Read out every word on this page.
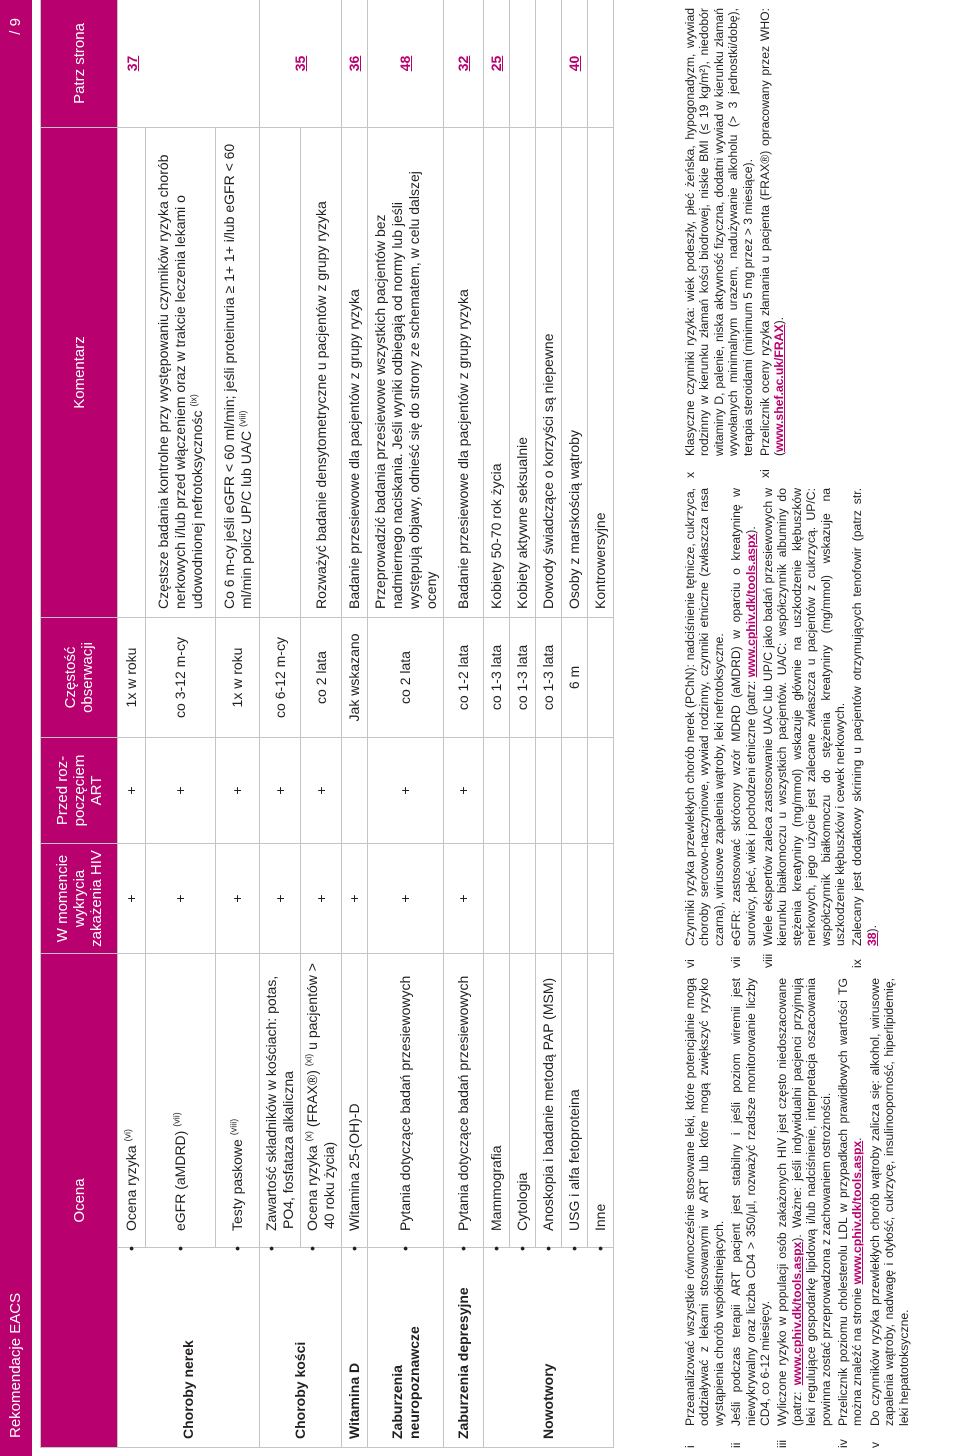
Rekomendacje EACS
/ 9
Ocena		W momencie wykrycia zakażenia HIV	Przed roz-poczęciem ART	Częstość obserwacji	Komentarz	Patrz strona
Choroby nerek	• Ocena ryzyka $^{(vi)}$	+	+	1x w roku		37
	• eGFR (aMDRD) $^{(vii)}$	+	+	co 3-12 m-cy	Częstsze badania kontrolne przy występowaniu czynników ryzyka chorób nerkowych i/lub przed włączeniem oraz w trakcie leczenia lekami o udowodnionej nefrotoksycznośc $^{(ix)}$
	• Testy paskowe $^{(viii)}$	+	+	1x w roku	Co 6 m-cy jeśli eGFR < 60 ml/min; jeśli proteinuria ≥ 1+ 1+ i/lub eGFR < 60 ml/min policz UP/C lub UA/C $^{(viii)}$
Choroby kości	• Zawartość składników w kościach: potas, PO4, fosfataza alkaliczna	+	+	co 6-12 m-cy		35
	• Ocena ryzyka $^{(x)}$ (FRAX®) $^{(xi)}$ u pacjentów > 40 roku życia)	+	+	co 2 lata	Rozważyć badanie densytometryczne u pacjentów z grupy ryzyka	
Witamina D	• Witamina 25-(OH)-D	+		Jak wskazano	Badanie przesiewowe dla pacjentów z grupy ryzyka	36
Zaburzenia neuropoznawcze	• Pytania dotyczące badań przesiewowych	+	+	co 2 lata	Przeprowadzić badania przesiewowe wszystkich pacjentów bez nadmiernego naciskania. Jeśli wyniki odbiegają od normy lub jeśli występują objawy, odnieść się do strony ze schematem, w celu dalszej oceny	48
Zaburzenia depresyjne	• Pytania dotyczące badań przesiewowych	+	+	co 1-2 lata	Badanie przesiewowe dla pacjentów z grupy ryzyka	32
Nowotwory	• Mammografia			co 1-3 lata	Kobiety 50-70 rok życia	25
	• Cytologia			co 1-3 lata	Kobiety aktywne seksualnie	
	• Anoskopia i badanie metodą PAP (MSM)			co 1-3 lata	Dowody świadczące o korzyści są niepewne	
	• USG i alfa fetoproteina			6 m	Osoby z marskością wątroby	40
	• Inne				Kontrowersyjne	
i
Przeanalizować wszystkie równocześnie stosowane leki, które potencjalnie mogą oddziaływać z lekami stosowanymi w ART lub które mogą zwiększyć ryzyko wystąpienia chorób współistniejących.
ii
Jeśli podczas terapii ART pacjent jest stabilny i jeśli poziom wiremii jest niewykrywalny oraz liczba CD4 > 350/µl, rozważyć rzadsze monitorowanie liczby CD4, co 6-12 miesięcy.
iii
Wyliczone ryzyko w populacji osób zakażonych HIV jest często niedoszacowane (patrz: www.cphiv.dk/tools.aspx). Ważne: jeśli indywidualni pacjenci przyjmują leki regulujące gospodarkę lipidową i/lub nadciśnienie, interpretacja oszacowania powinna zostać przeprowadzona z zachowaniem ostrożności.
iv
Przelicznik poziomu cholesterolu LDL w przypadkach prawidłowych wartości TG można znaleźć na stronie www.cphiv.dk/tools.aspx.
v
Do czynników ryzyka przewlekłych chorób wątroby zalicza się: alkohol, wirusowe zapalenia wątroby, nadwagę i otyłość, cukrzycę, insulinooporność, hiperlipidemię, leki hepatotoksyczne.
vi
Czynniki ryzyka przewlekłych chorób nerek (PChN): nadciśnienie tętnicze, cukrzyca, choroby sercowo-naczyniowe, wywiad rodzinny, czynniki etniczne (zwłaszcza rasa czarna), wirusowe zapalenia wątroby, leki nefrotoksyczne.
vii
eGFR: zastosować skrócony wzór MDRD (aMDRD) w oparciu o kreatyninę w surowicy, płeć, wiek i pochodzeni etniczne (patrz: www.cphiv.dk/tools.aspx).
viii
Wiele ekspertów zaleca zastosowanie UA/C lub UP/C jako badań przesiewowych w kierunku białkomoczu u wszystkich pacjentów. UA/C: współczynnik albuminy do stężenia kreatyniny (mg/mmol) wskazuje głównie na uszkodzenie kłębuszków nerkowych, jego użycie jest zalecane zwłaszcza u pacjentów z cukrzycą. UP/C: współczynnik białkomoczu do stężenia kreatyniny (mg/mmol) wskazuje na uszkodzenie kłębuszków i cewek nerkowych.
ix
Zalecany jest dodatkowy skrining u pacjentów otrzymujących tenofowir (patrz str. 38).
x
Klasyczne czynniki ryzyka: wiek podeszły, płeć żeńska, hypogonadyzm, wywiad rodzinny w kierunku złamań kości biodrowej, niskie BMI (≤ 19 kg/m²), niedobór witaminy D, palenie, niska aktywność fizyczna, dodatni wywiad w kierunku złamań wywołanych minimalnym urazem, nadużywanie alkoholu (> 3 jednostki/dobę), terapia steroidami (minimum 5 mg przez > 3 miesiące).
xi
Przelicznik oceny ryzyka złamania u pacjenta (FRAX®) opracowany przez WHO: (www.shef.ac.uk/FRAX).
